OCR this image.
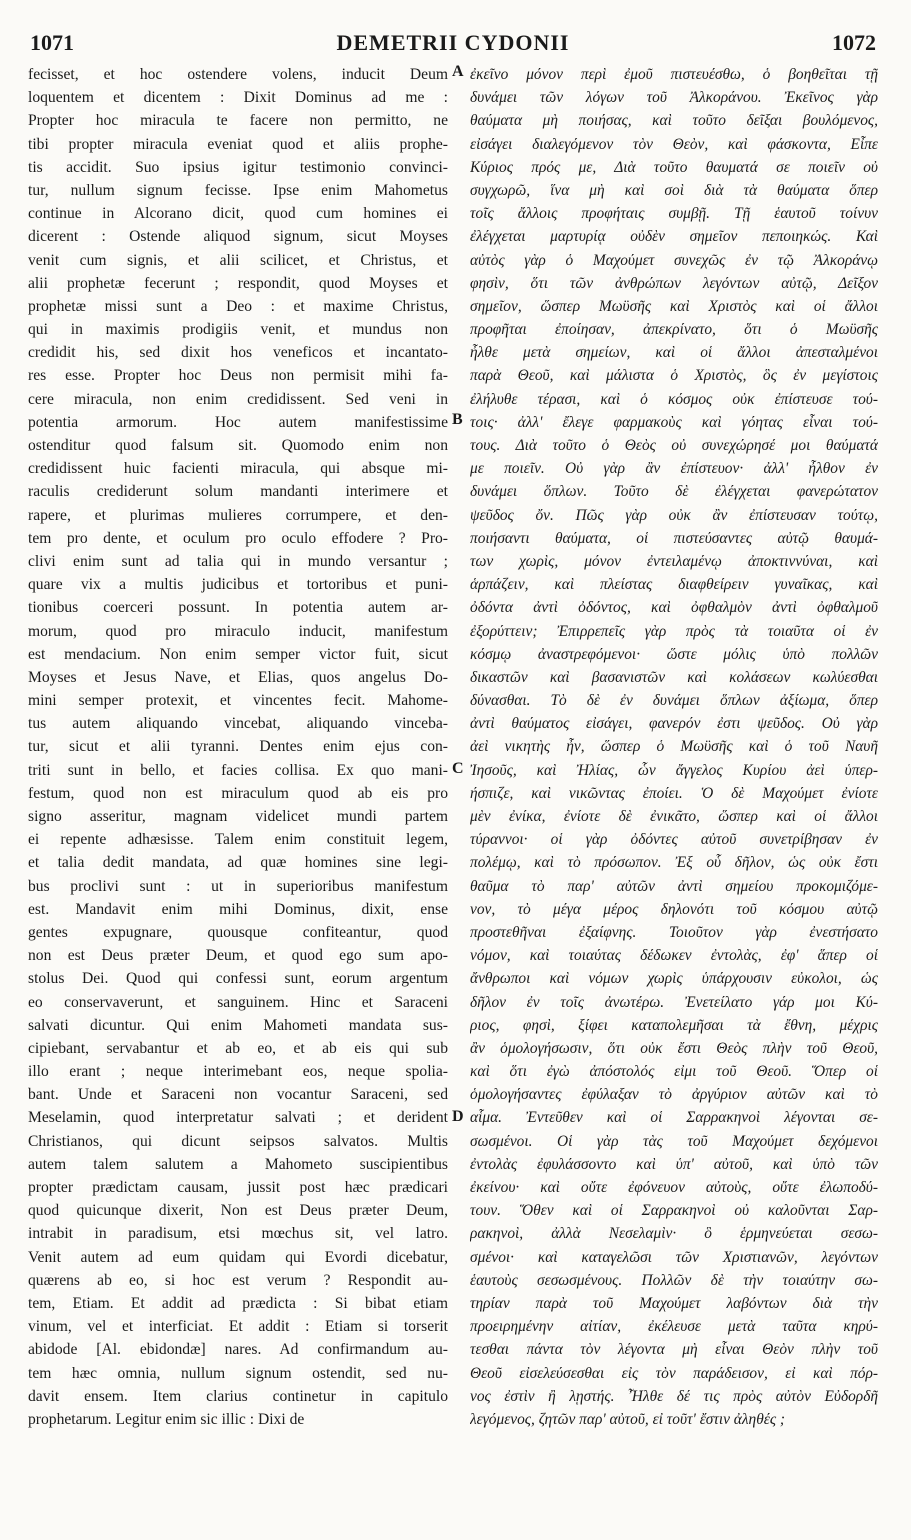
1071	DEMETRII CYDONII	1072

fecisset, et hoc ostendere volens, inducit Deum

loquentem et dicentem : Dixit Dominus ad me :

Propter hoc miracula te facere non permitto, ne

tibi propter miracula eveniat quod et aliis prophe-

tis accidit. Suo ipsius igitur testimonio convinci-

tur, nullum signum fecisse. Ipse enim Mahometus

continue in Alcorano dicit, quod cum homines ei

dicerent : Ostende aliquod signum, sicut Moyses

venit cum signis, et alii scilicet, et Christus, et

alii prophetæ fecerunt ; respondit, quod Moyses et

prophetæ missi sunt a Deo : et maxime Christus,

qui in maximis prodigiis venit, et mundus non

credidit his, sed dixit hos veneficos et incantato-

res esse. Propter hoc Deus non permisit mihi fa-

cere miracula, non enim credidissent. Sed veni in

potentia armorum. Hoc autem manifestissime

ostenditur quod falsum sit. Quomodo enim non

credidissent huic facienti miracula, qui absque mi-

raculis crediderunt solum mandanti interimere et

rapere, et plurimas mulieres corrumpere, et den-

tem pro dente, et oculum pro oculo effodere ? Pro-

clivi enim sunt ad talia qui in mundo versantur ;

quare vix a multis judicibus et tortoribus et puni-

tionibus coerceri possunt. In potentia autem ar-

morum, quod pro miraculo inducit, manifestum

est mendacium. Non enim semper victor fuit, sicut

Moyses et Jesus Nave, et Elias, quos angelus Do-

mini semper protexit, et vincentes fecit. Mahome-

tus autem aliquando vincebat, aliquando vinceba-

tur, sicut et alii tyranni. Dentes enim ejus con-

triti sunt in bello, et facies collisa. Ex quo mani-

festum, quod non est miraculum quod ab eis pro

signo asseritur, magnam videlicet mundi partem

ei repente adhæsisse. Talem enim constituit legem,

et talia dedit mandata, ad quæ homines sine legi-

bus proclivi sunt : ut in superioribus manifestum

est. Mandavit enim mihi Dominus, dixit, ense

gentes expugnare, quousque confiteantur, quod

non est Deus præter Deum, et quod ego sum apo-

stolus Dei. Quod qui confessi sunt, eorum argentum

eo conservaverunt, et sanguinem. Hinc et Saraceni

salvati dicuntur. Qui enim Mahometi mandata sus-

cipiebant, servabantur et ab eo, et ab eis qui sub

illo erant ; neque interimebant eos, neque spolia-

bant. Unde et Saraceni non vocantur Saraceni, sed

Meselamin, quod interpretatur salvati ; et derident

Christianos, qui dicunt seipsos salvatos. Multis

autem talem salutem a Mahometo suscipientibus

propter prædictam causam, jussit post hæc prædicari

quod quicunque dixerit, Non est Deus præter Deum,

intrabit in paradisum, etsi mœchus sit, vel latro.

Venit autem ad eum quidam qui Evordi dicebatur,

quærens ab eo, si hoc est verum ? Respondit au-

tem, Etiam. Et addit ad prædicta : Si bibat etiam

vinum, vel et interficiat. Et addit : Etiam si torserit

abidode [Al. ebidondæ] nares. Ad confirmandum au-

tem hæc omnia, nullum signum ostendit, sed nu-

davit ensem. Item clarius continetur in capitulo

prophetarum. Legitur enim sic illic : Dixi de

ἐκεῖνο μόνον περὶ ἐμοῦ πιστευέσθω, ὁ βοηθεῖται τῇ

δυνάμει τῶν λόγων τοῦ Ἀλκοράνου. Ἐκεῖνος γὰρ

θαύματα μὴ ποιήσας, καὶ τοῦτο δεῖξαι βουλόμενος,

εἰσάγει διαλεγόμενον τὸν Θεὸν, καὶ φάσκοντα, Εἶπε

Κύριος πρός με, Διὰ τοῦτο θαυματά σε ποιεῖν οὐ

συγχωρῶ, ἵνα μὴ καὶ σοὶ διὰ τὰ θαύματα ὅπερ

τοῖς ἄλλοις προφήταις συμβῇ. Τῇ ἑαυτοῦ τοίνυν

ἐλέγχεται μαρτυρίᾳ οὐδὲν σημεῖον πεποιηκώς. Καὶ

αὐτὸς γὰρ ὁ Μαχούμετ συνεχῶς ἐν τῷ Ἀλκοράνῳ

φησὶν, ὅτι τῶν ἀνθρώπων λεγόντων αὐτῷ, Δεῖξον

σημεῖον, ὥσπερ Μωϋσῆς καὶ Χριστὸς καὶ οἱ ἄλλοι

προφῆται ἐποίησαν, ἀπεκρίνατο, ὅτι ὁ Μωϋσῆς

ἦλθε μετὰ σημείων, καὶ οἱ ἄλλοι ἀπεσταλμένοι

παρὰ Θεοῦ, καὶ μάλιστα ὁ Χριστὸς, ὃς ἐν μεγίστοις

ἐλήλυθε τέρασι, καὶ ὁ κόσμος οὐκ ἐπίστευσε τού-

τοις· ἀλλ' ἔλεγε φαρμακοὺς καὶ γόητας εἶναι τού-

τους. Διὰ τοῦτο ὁ Θεὸς οὐ συνεχώρησέ μοι θαύματά

με ποιεῖν. Οὐ γὰρ ἂν ἐπίστευον· ἀλλ' ἦλθον ἐν

δυνάμει ὅπλων. Τοῦτο δὲ ἐλέγχεται φανερώτατον

ψεῦδος ὄν. Πῶς γὰρ οὐκ ἂν ἐπίστευσαν τούτῳ,

ποιήσαντι θαύματα, οἱ πιστεύσαντες αὐτῷ θαυμά-

των χωρὶς, μόνον ἐντειλαμένῳ ἀποκτιννύναι, καὶ

ἁρπάζειν, καὶ πλείστας διαφθείρειν γυναῖκας, καὶ

ὀδόντα ἀντὶ ὀδόντος, καὶ ὀφθαλμὸν ἀντὶ ὀφθαλμοῦ

ἐξορύττειν; Ἐπιρρεπεῖς γὰρ πρὸς τὰ τοιαῦτα οἱ ἐν

κόσμῳ ἀναστρεφόμενοι· ὥστε μόλις ὑπὸ πολλῶν

δικαστῶν καὶ βασανιστῶν καὶ κολάσεων κωλύεσθαι

δύνασθαι. Τὸ δὲ ἐν δυνάμει ὅπλων ἀξίωμα, ὅπερ

ἀντὶ θαύματος εἰσάγει, φανερόν ἐστι ψεῦδος. Οὐ γὰρ

ἀεὶ νικητὴς ἦν, ὥσπερ ὁ Μωϋσῆς καὶ ὁ τοῦ Ναυῆ

Ἰησοῦς, καὶ Ἠλίας, ὧν ἄγγελος Κυρίου ἀεὶ ὑπερ-

ήσπιζε, καὶ νικῶντας ἐποίει. Ὁ δὲ Μαχούμετ ἐνίοτε

μὲν ἐνίκα, ἐνίοτε δὲ ἐνικᾶτο, ὥσπερ καὶ οἱ ἄλλοι

τύραννοι· οἱ γὰρ ὀδόντες αὐτοῦ συνετρίβησαν ἐν

πολέμῳ, καὶ τὸ πρόσωπον. Ἐξ οὗ δῆλον, ὡς οὐκ ἔστι

θαῦμα τὸ παρ' αὐτῶν ἀντὶ σημείου προκομιζόμε-

νον, τὸ μέγα μέρος δηλονότι τοῦ κόσμου αὐτῷ

προστεθῆναι ἐξαίφνης. Τοιοῦτον γὰρ ἐνεστήσατο

νόμον, καὶ τοιαύτας δέδωκεν ἐντολὰς, ἐφ' ἅπερ οἱ

ἄνθρωποι καὶ νόμων χωρὶς ὑπάρχουσιν εὐκολοι, ὡς

δῆλον ἐν τοῖς ἀνωτέρω. Ἐνετείλατο γάρ μοι Κύ-

ριος, φησὶ, ξίφει καταπολεμῆσαι τὰ ἔθνη, μέχρις

ἂν ὁμολογήσωσιν, ὅτι οὐκ ἔστι Θεὸς πλὴν τοῦ Θεοῦ,

καὶ ὅτι ἐγὼ ἀπόστολός εἰμι τοῦ Θεοῦ. Ὅπερ οἱ

ὁμολογήσαντες ἐφύλαξαν τὸ ἀργύριον αὐτῶν καὶ τὸ

αἷμα. Ἐντεῦθεν καὶ οἱ Σαρρακηνοὶ λέγονται σε-

σωσμένοι. Οἱ γὰρ τὰς τοῦ Μαχούμετ δεχόμενοι

ἐντολὰς ἐφυλάσσοντο καὶ ὑπ' αὐτοῦ, καὶ ὑπὸ τῶν

ἐκείνου· καὶ οὔτε ἐφόνευον αὐτοὺς, οὔτε ἐλωποδύ-

τουν. Ὅθεν καὶ οἱ Σαρρακηνοὶ οὐ καλοῦνται Σαρ-

ρακηνοὶ, ἀλλὰ Νεσελαμὶν· ὃ ἑρμηνεύεται σεσω-

σμένοι· καὶ καταγελῶσι τῶν Χριστιανῶν, λεγόντων

ἑαυτοὺς σεσωσμένους. Πολλῶν δὲ τὴν τοιαύτην σω-

τηρίαν παρὰ τοῦ Μαχούμετ λαβόντων διὰ τὴν

προειρημένην αἰτίαν, ἐκέλευσε μετὰ ταῦτα κηρύ-

τεσθαι πάντα τὸν λέγοντα μὴ εἶναι Θεὸν πλὴν τοῦ

Θεοῦ εἰσελεύσεσθαι εἰς τὸν παράδεισον, εἰ καὶ πόρ-

νος ἐστὶν ἢ λῃστής. Ἦλθε δέ τις πρὸς αὐτὸν Εὐδορδῆ

λεγόμενος, ζητῶν παρ' αὐτοῦ, εἰ τοῦτ' ἔστιν ἀληθές ;

A
B
C
D
